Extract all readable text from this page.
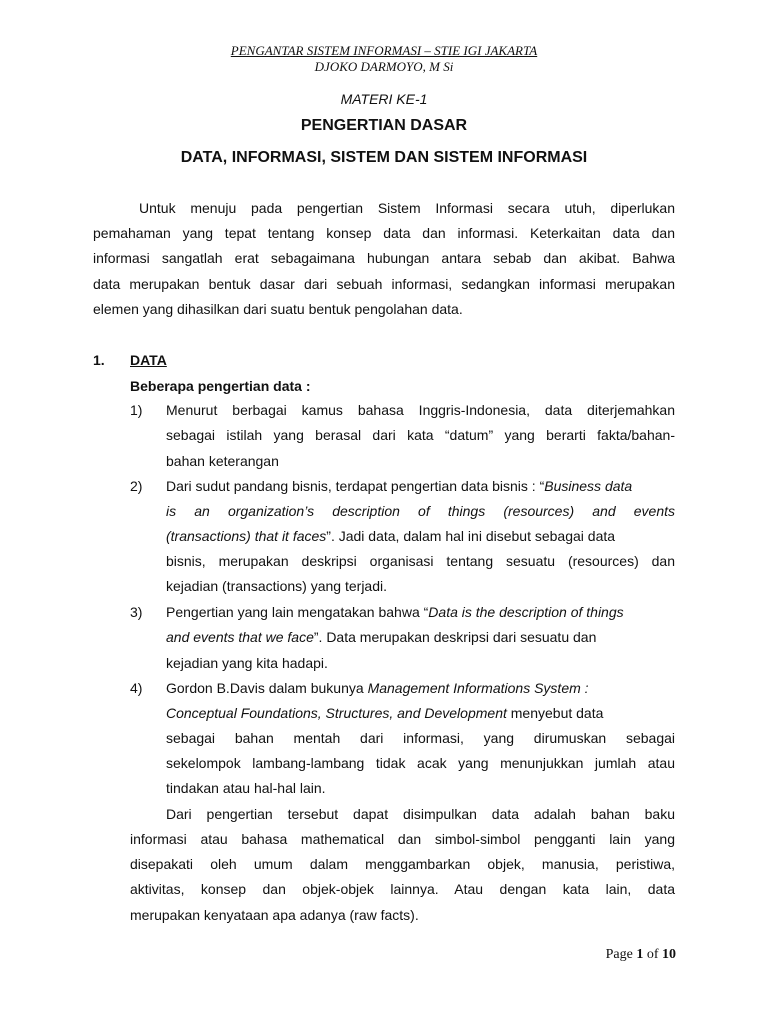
PENGANTAR SISTEM INFORMASI – STIE IGI JAKARTA
DJOKO DARMOYO, M Si
MATERI KE-1
PENGERTIAN DASAR
DATA, INFORMASI, SISTEM DAN SISTEM INFORMASI
Untuk menuju pada pengertian Sistem Informasi secara utuh, diperlukan
pemahaman yang tepat tentang konsep data dan informasi. Keterkaitan data dan
informasi sangatlah erat sebagaimana hubungan antara sebab dan akibat. Bahwa
data merupakan bentuk dasar dari sebuah informasi, sedangkan informasi merupakan
elemen yang dihasilkan dari suatu bentuk pengolahan data.
1. DATA
Beberapa pengertian data :
1) Menurut berbagai kamus bahasa Inggris-Indonesia, data diterjemahkan
sebagai istilah yang berasal dari kata “datum” yang berarti fakta/bahan-
bahan keterangan
2) Dari sudut pandang bisnis, terdapat pengertian data bisnis : “Business data
is an organization’s description of things (resources) and events
(transactions) that it faces”. Jadi data, dalam hal ini disebut sebagai data
bisnis, merupakan deskripsi organisasi tentang sesuatu (resources) dan
kejadian (transactions) yang terjadi.
3) Pengertian yang lain mengatakan bahwa “Data is the description of things
and events that we face”. Data merupakan deskripsi dari sesuatu dan
kejadian yang kita hadapi.
4) Gordon B.Davis dalam bukunya Management Informations System :
Conceptual Foundations, Structures, and Development menyebut data
sebagai bahan mentah dari informasi, yang dirumuskan sebagai
sekelompok lambang-lambang tidak acak yang menunjukkan jumlah atau
tindakan atau hal-hal lain.
Dari pengertian tersebut dapat disimpulkan data adalah bahan baku
informasi atau bahasa mathematical dan simbol-simbol pengganti lain yang
disepakati oleh umum dalam menggambarkan objek, manusia, peristiwa,
aktivitas, konsep dan objek-objek lainnya. Atau dengan kata lain, data
merupakan kenyataan apa adanya (raw facts).
Page 1 of 10
